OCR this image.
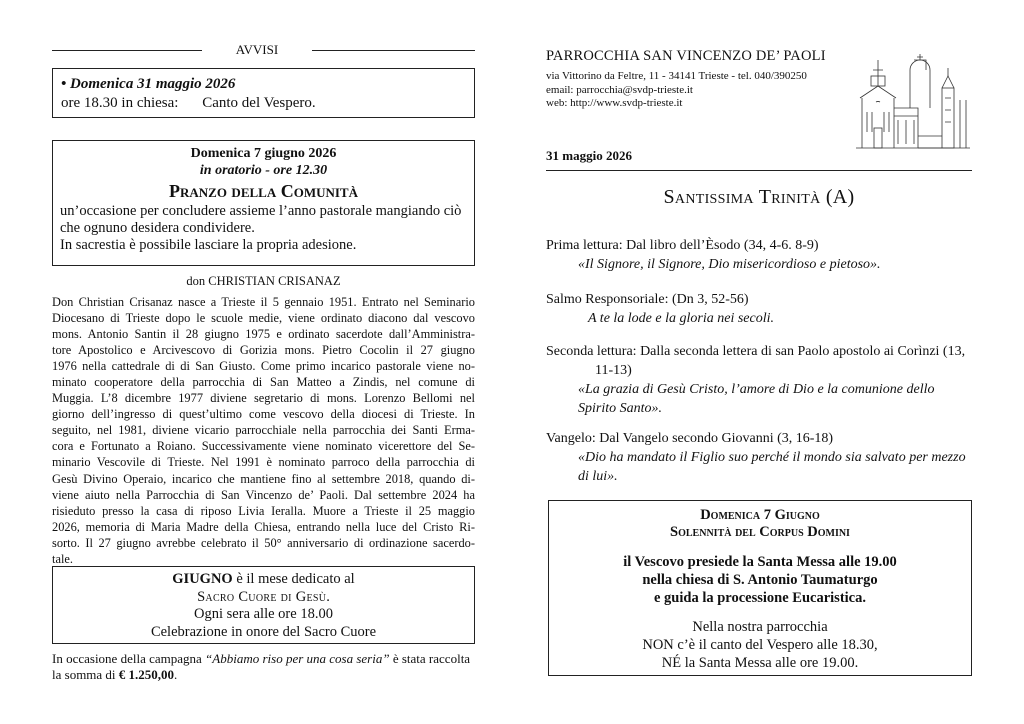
AVVISI
• Domenica 31 maggio 2026
ore 18.30 in chiesa: Canto del Vespero.
Domenica 7 giugno 2026
in oratorio - ore 12.30
Pranzo della Comunità
un’occasione per concludere assieme l’anno pastorale mangiando ciò che ognuno desidera condividere.
In sacrestia è possibile lasciare la propria adesione.
don CHRISTIAN CRISANAZ
Don Christian Crisanaz nasce a Trieste il 5 gennaio 1951. Entrato nel Seminario
Diocesano di Trieste dopo le scuole medie, viene ordinato diacono dal vescovo
mons. Antonio Santin il 28 giugno 1975 e ordinato sacerdote dall’Amministra-
tore Apostolico e Arcivescovo di Gorizia mons. Pietro Cocolin il 27 giugno
1976 nella cattedrale di di San Giusto. Come primo incarico pastorale viene no-
minato cooperatore della parrocchia di San Matteo a Zindis, nel comune di
Muggia. L’8 dicembre 1977 diviene segretario di mons. Lorenzo Bellomi nel
giorno dell’ingresso di quest’ultimo come vescovo della diocesi di Trieste. In
seguito, nel 1981, diviene vicario parrocchiale nella parrocchia dei Santi Erma-
cora e Fortunato a Roiano. Successivamente viene nominato vicerettore del Se-
minario Vescovile di Trieste. Nel 1991 è nominato parroco della parrocchia di
Gesù Divino Operaio, incarico che mantiene fino al settembre 2018, quando di-
viene aiuto nella Parrocchia di San Vincenzo de’ Paoli. Dal settembre 2024 ha
risieduto presso la casa di riposo Livia Ieralla. Muore a Trieste il 25 maggio
2026, memoria di Maria Madre della Chiesa, entrando nella luce del Cristo Ri-
sorto. Il 27 giugno avrebbe celebrato il 50° anniversario di ordinazione sacerdo-
tale.
GIUGNO è il mese dedicato al
Sacro Cuore di Gesù.
Ogni sera alle ore 18.00
Celebrazione in onore del Sacro Cuore
In occasione della campagna “Abbiamo riso per una cosa seria” è stata raccolta
la somma di € 1.250,00.
PARROCCHIA SAN VINCENZO DE’ PAOLI
via Vittorino da Feltre, 11 - 34141 Trieste - tel. 040/390250
email: parrocchia@svdp-trieste.it
web: http://www.svdp-trieste.it
31 maggio 2026
Santissima Trinità (A)
Prima lettura: Dal libro dell’Èsodo (34, 4-6. 8-9)
«Il Signore, il Signore, Dio misericordioso e pietoso».
Salmo Responsoriale: (Dn 3, 52-56)
A te la lode e la gloria nei secoli.
Seconda lettura: Dalla seconda lettera di san Paolo apostolo ai Corìnzi (13,
11-13)
«La grazia di Gesù Cristo, l’amore di Dio e la comunione dello
Spirito Santo».
Vangelo: Dal Vangelo secondo Giovanni (3, 16-18)
«Dio ha mandato il Figlio suo perché il mondo sia salvato per mezzo
di lui».
Domenica 7 Giugno
Solennità del Corpus Domini
il Vescovo presiede la Santa Messa alle 19.00
nella chiesa di S. Antonio Taumaturgo
e guida la processione Eucaristica.
Nella nostra parrocchia
NON c’è il canto del Vespero alle 18.30,
NÉ la Santa Messa alle ore 19.00.
